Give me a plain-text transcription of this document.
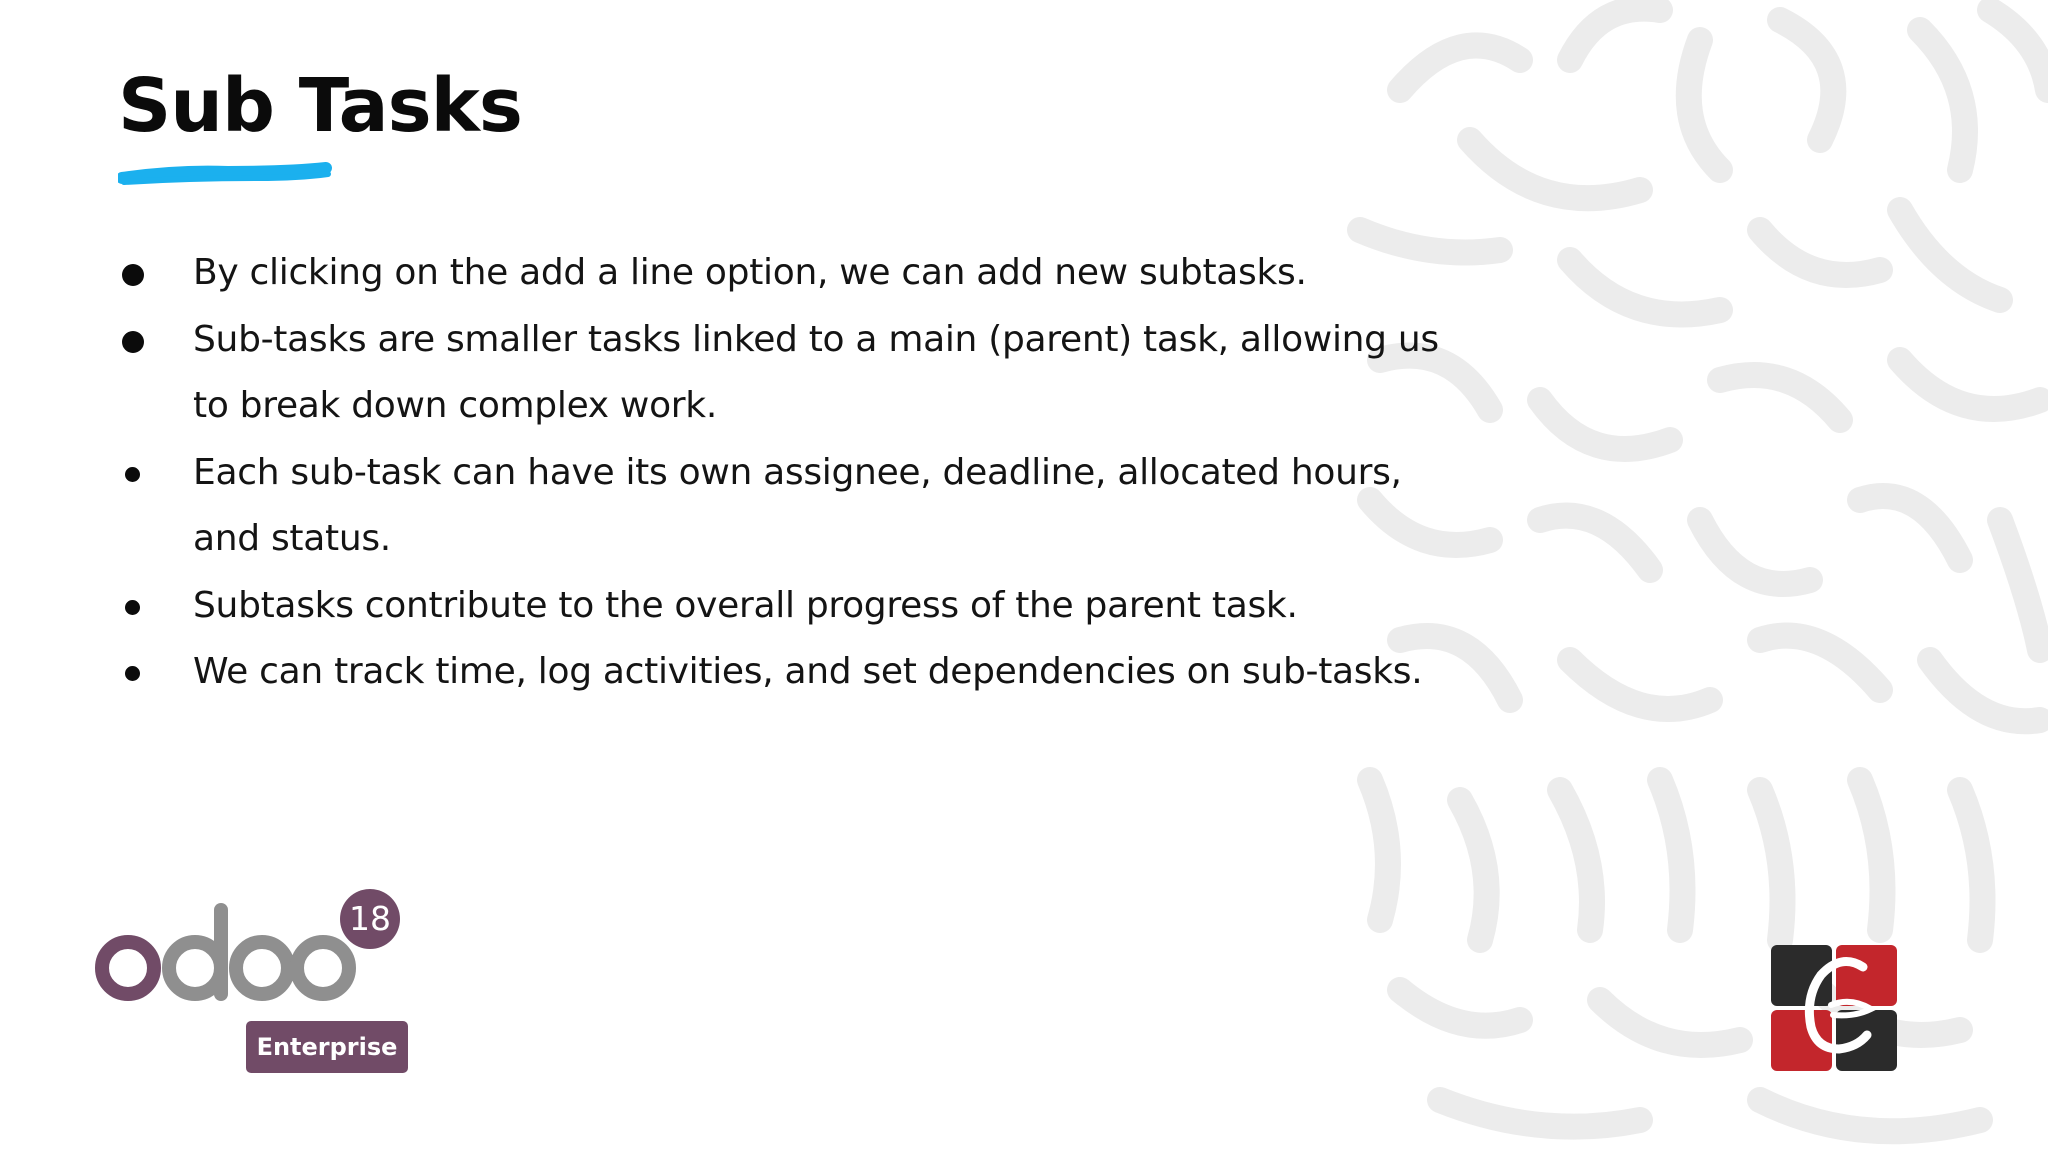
Sub Tasks
By clicking on the add a line option, we can add new subtasks.
Sub-tasks are smaller tasks linked to a main (parent) task, allowing us to break down complex work.
Each sub-task can have its own assignee, deadline, allocated hours, and status.
Subtasks contribute to the overall progress of the parent task.
We can track time, log activities, and set dependencies on sub-tasks.
18
Enterprise
